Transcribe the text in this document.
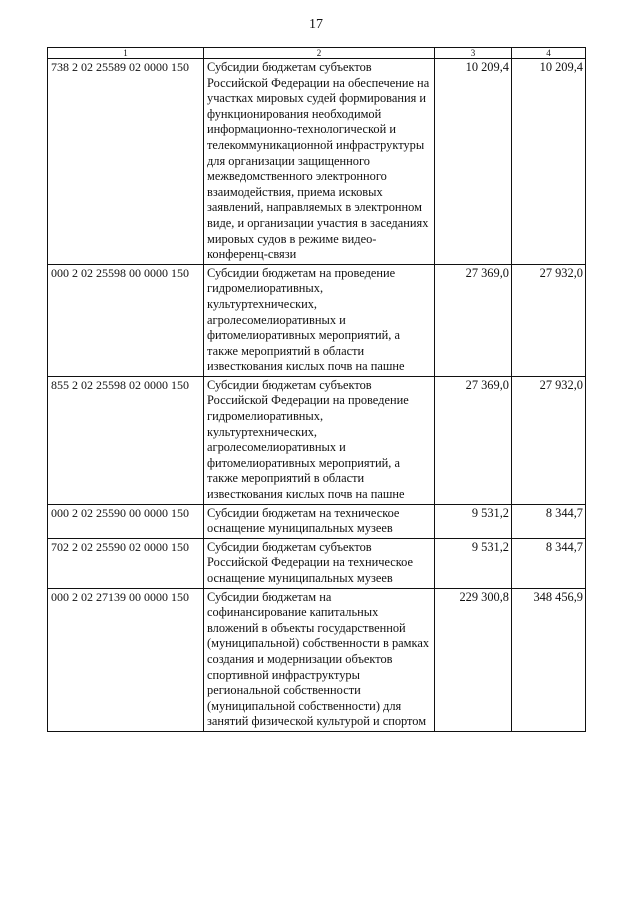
17
1	2	3	4
738 2 02 25589 02 0000 150	Субсидии бюджетам субъектов Российской Федерации на обеспечение на участках мировых судей формирования и функционирования необходимой информационно-технологической и телекоммуникационной инфраструктуры для организации защищенного межведомственного электронного взаимодействия, приема исковых заявлений, направляемых в электронном виде, и организации участия в заседаниях мировых судов в режиме видео-конференц-связи	10 209,4	10 209,4
000 2 02 25598 00 0000 150	Субсидии бюджетам на проведение гидромелиоративных, культуртехнических, агролесомелиоративных и фитомелиоративных мероприятий, а также мероприятий в области известкования кислых почв на пашне	27 369,0	27 932,0
855 2 02 25598 02 0000 150	Субсидии бюджетам субъектов Российской Федерации на проведение гидромелиоративных, культуртехнических, агролесомелиоративных и фитомелиоративных мероприятий, а также мероприятий в области известкования кислых почв на пашне	27 369,0	27 932,0
000 2 02 25590 00 0000 150	Субсидии бюджетам на техническое оснащение муниципальных музеев	9 531,2	8 344,7
702 2 02 25590 02 0000 150	Субсидии бюджетам субъектов Российской Федерации на техническое оснащение муниципальных музеев	9 531,2	8 344,7
000 2 02 27139 00 0000 150	Субсидии бюджетам на софинансирование капитальных вложений в объекты государственной (муниципальной) собственности в рамках создания и модернизации объектов спортивной инфраструктуры региональной собственности (муниципальной собственности) для занятий физической культурой и спортом	229 300,8	348 456,9
